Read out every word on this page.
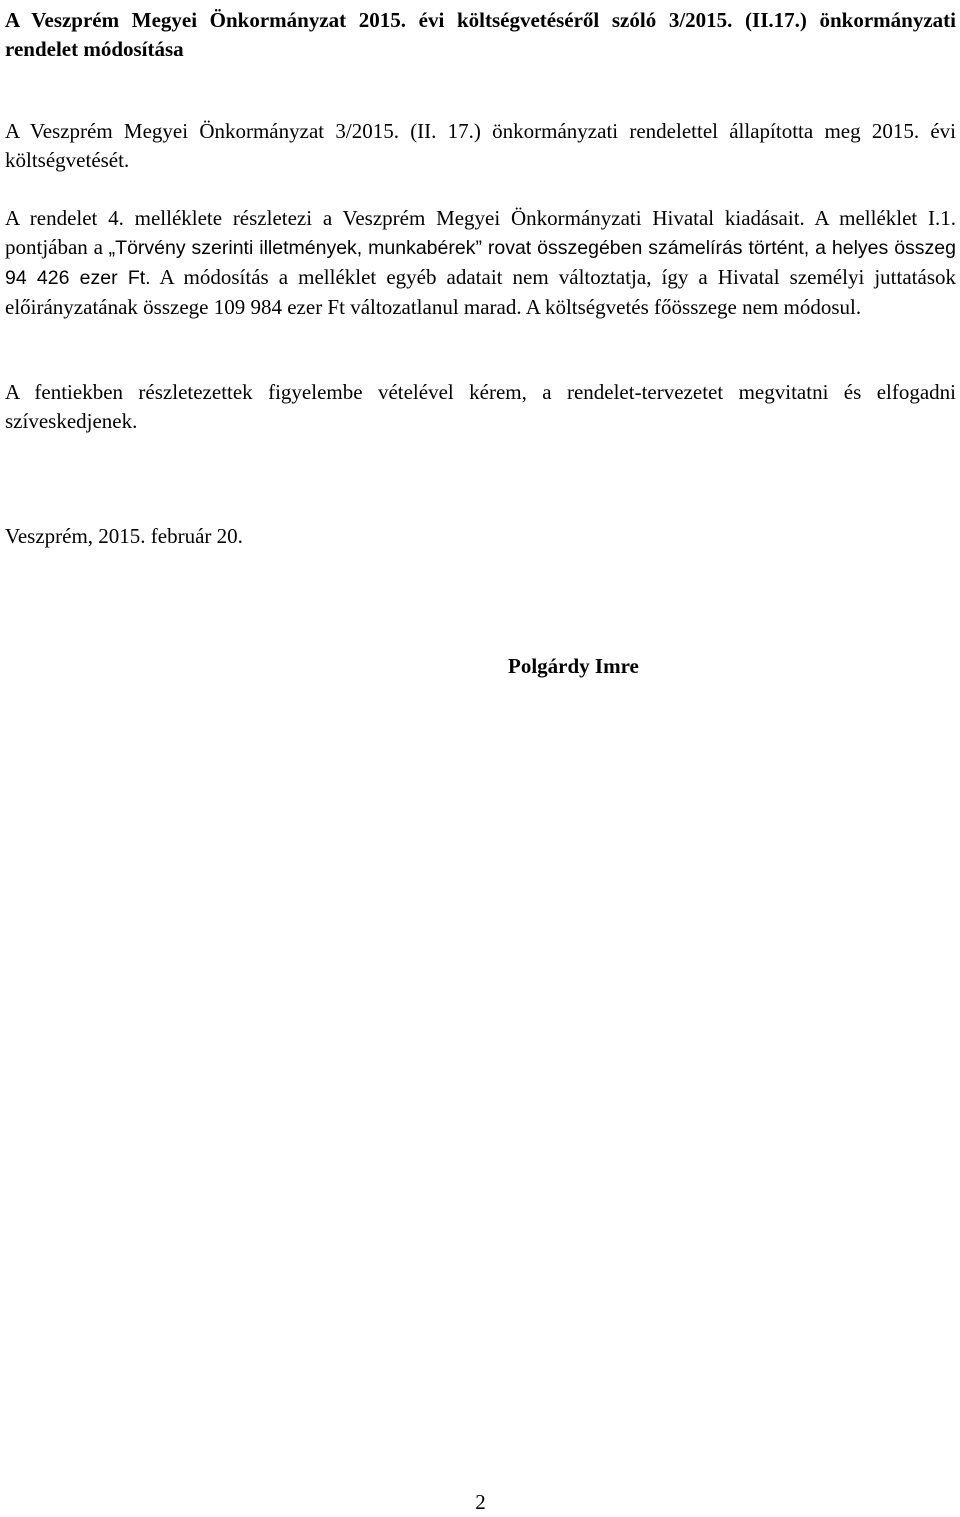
A Veszprém Megyei Önkormányzat 2015. évi költségvetéséről szóló 3/2015. (II.17.) önkormányzati rendelet módosítása

A Veszprém Megyei Önkormányzat 3/2015. (II. 17.) önkormányzati rendelettel állapította meg 2015. évi költségvetését.

A rendelet 4. melléklete részletezi a Veszprém Megyei Önkormányzati Hivatal kiadásait. A melléklet I.1. pontjában a „Törvény szerinti illetmények, munkabérek” rovat összegében számelírás történt, a helyes összeg 94 426 ezer Ft. A módosítás a melléklet egyéb adatait nem változtatja, így a Hivatal személyi juttatások előirányzatának összege 109 984 ezer Ft változatlanul marad. A költségvetés főösszege nem módosul.

A fentiekben részletezettek figyelembe vételével kérem, a rendelet-tervezetet megvitatni és elfogadni szíveskedjenek.

Veszprém, 2015. február 20.

Polgárdy Imre

2
